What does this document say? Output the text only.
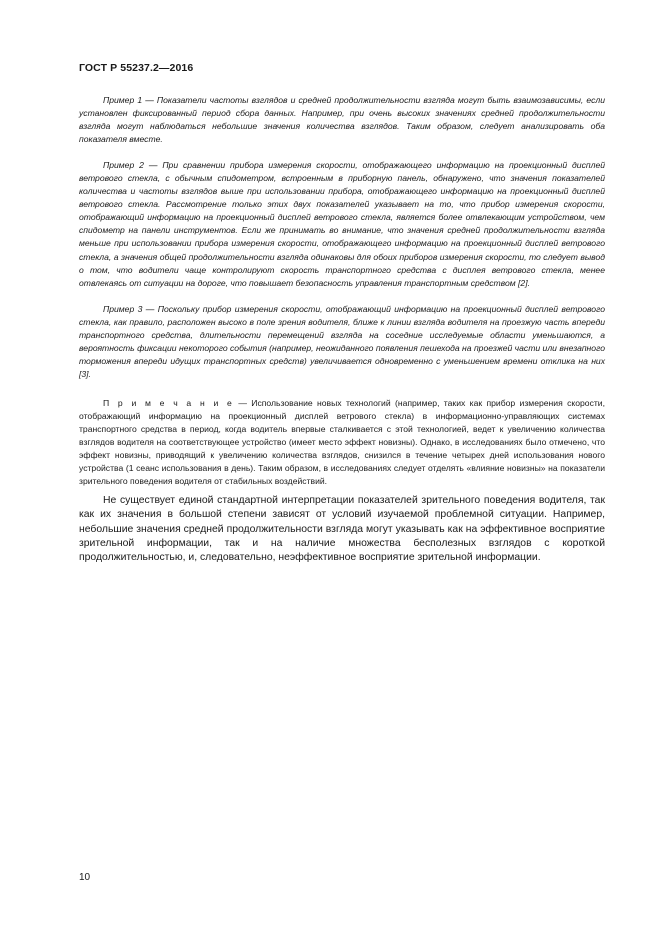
ГОСТ Р 55237.2—2016

Пример 1 — Показатели частоты взглядов и средней продолжительности взгляда могут быть взаимозависимы, если установлен фиксированный период сбора данных. Например, при очень высоких значениях средней продолжительности взгляда могут наблюдаться небольшие значения количества взглядов. Таким образом, следует анализировать оба показателя вместе.

Пример 2 — При сравнении прибора измерения скорости, отображающего информацию на проекционный дисплей ветрового стекла, с обычным спидометром, встроенным в приборную панель, обнаружено, что значения показателей количества и частоты взглядов выше при использовании прибора, отображающего информацию на проекционный дисплей ветрового стекла. Рассмотрение только этих двух показателей указывает на то, что прибор измерения скорости, отображающий информацию на проекционный дисплей ветрового стекла, является более отвлекающим устройством, чем спидометр на панели инструментов. Если же принимать во внимание, что значения средней продолжительности взгляда меньше при использовании прибора измерения скорости, отображающего информацию на проекционный дисплей ветрового стекла, а значения общей продолжительности взгляда одинаковы для обоих приборов измерения скорости, то следует вывод о том, что водители чаще контролируют скорость транспортного средства с дисплея ветрового стекла, менее отвлекаясь от ситуации на дороге, что повышает безопасность управления транспортным средством [2].

Пример 3 — Поскольку прибор измерения скорости, отображающий информацию на проекционный дисплей ветрового стекла, как правило, расположен высоко в поле зрения водителя, ближе к линии взгляда водителя на проезжую часть впереди транспортного средства, длительности перемещений взгляда на соседние исследуемые области уменьшаются, а вероятность фиксации некоторого события (например, неожиданного появления пешехода на проезжей части или внезапного торможения впереди идущих транспортных средств) увеличивается одновременно с уменьшением времени отклика на них [3].

П р и м е ч а н и е — Использование новых технологий (например, таких как прибор измерения скорости, отображающий информацию на проекционный дисплей ветрового стекла) в информационно-управляющих системах транспортного средства в период, когда водитель впервые сталкивается с этой технологией, ведет к увеличению количества взглядов водителя на соответствующее устройство (имеет место эффект новизны). Однако, в исследованиях было отмечено, что эффект новизны, приводящий к увеличению количества взглядов, снизился в течение четырех дней использования нового устройства (1 сеанс использования в день). Таким образом, в исследованиях следует отделять «влияние новизны» на показатели зрительного поведения водителя от стабильных воздействий.

Не существует единой стандартной интерпретации показателей зрительного поведения водителя, так как их значения в большой степени зависят от условий изучаемой проблемной ситуации. Например, небольшие значения средней продолжительности взгляда могут указывать как на эффективное восприятие зрительной информации, так и на наличие множества бесполезных взглядов с короткой продолжительностью, и, следовательно, неэффективное восприятие зрительной информации.

10
